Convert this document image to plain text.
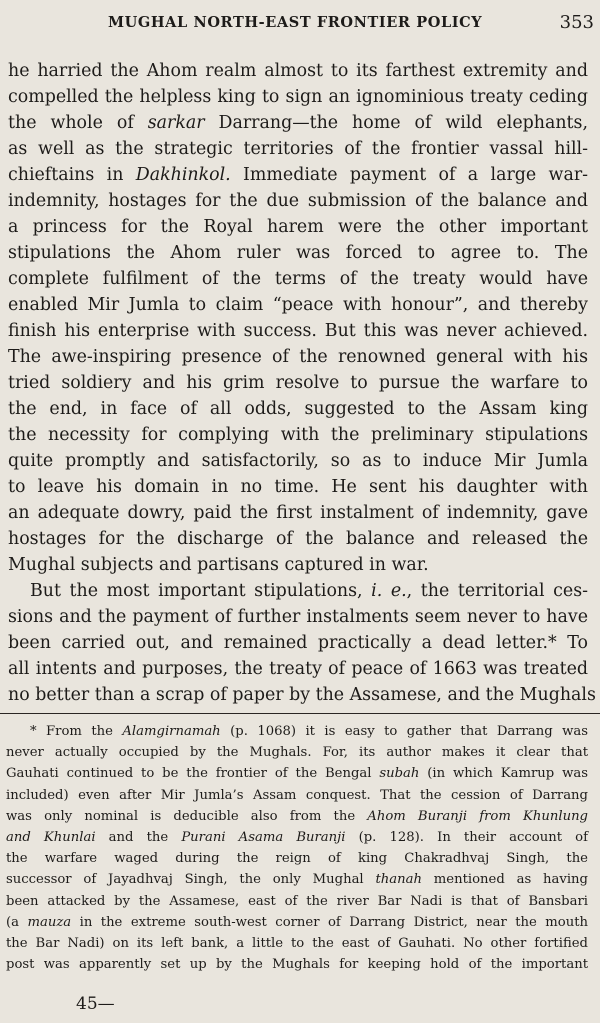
MUGHAL NORTH-EAST FRONTIER POLICY	353
he harried the Ahom realm almost to its farthest extremity and
compelled the helpless king to sign an ignominious treaty ceding
the whole of sarkar Darrang—the home of wild elephants,
as well as the strategic territories of the frontier vassal hill-
chieftains in Dakhinkol. Immediate payment of a large war-
indemnity, hostages for the due submission of the balance and
a princess for the Royal harem were the other important
stipulations the Ahom ruler was forced to agree to. The
complete fulfilment of the terms of the treaty would have
enabled Mir Jumla to claim “peace with honour”, and thereby
finish his enterprise with success. But this was never achieved.
The awe-inspiring presence of the renowned general with his
tried soldiery and his grim resolve to pursue the warfare to
the end, in face of all odds, suggested to the Assam king
the necessity for complying with the preliminary stipulations
quite promptly and satisfactorily, so as to induce Mir Jumla
to leave his domain in no time. He sent his daughter with
an adequate dowry, paid the first instalment of indemnity, gave
hostages for the discharge of the balance and released the
Mughal subjects and partisans captured in war.
But the most important stipulations, i. e., the territorial ces-
sions and the payment of further instalments seem never to have
been carried out, and remained practically a dead letter.* To
all intents and purposes, the treaty of peace of 1663 was treated
no better than a scrap of paper by the Assamese, and the Mughals
* From the Alamgirnamah (p. 1068) it is easy to gather that Darrang was
never actually occupied by the Mughals. For, its author makes it clear that
Gauhati continued to be the frontier of the Bengal subah (in which Kamrup was
included) even after Mir Jumla’s Assam conquest. That the cession of Darrang
was only nominal is deducible also from the Ahom Buranji from Khunlung
and Khunlai and the Purani Asama Buranji (p. 128). In their account of
the warfare waged during the reign of king Chakradhvaj Singh, the
successor of Jayadhvaj Singh, the only Mughal thanah mentioned as having
been attacked by the Assamese, east of the river Bar Nadi is that of Bansbari
(a mauza in the extreme south-west corner of Darrang District, near the mouth
the Bar Nadi) on its left bank, a little to the east of Gauhati. No other fortified
post was apparently set up by the Mughals for keeping hold of the important
45—
